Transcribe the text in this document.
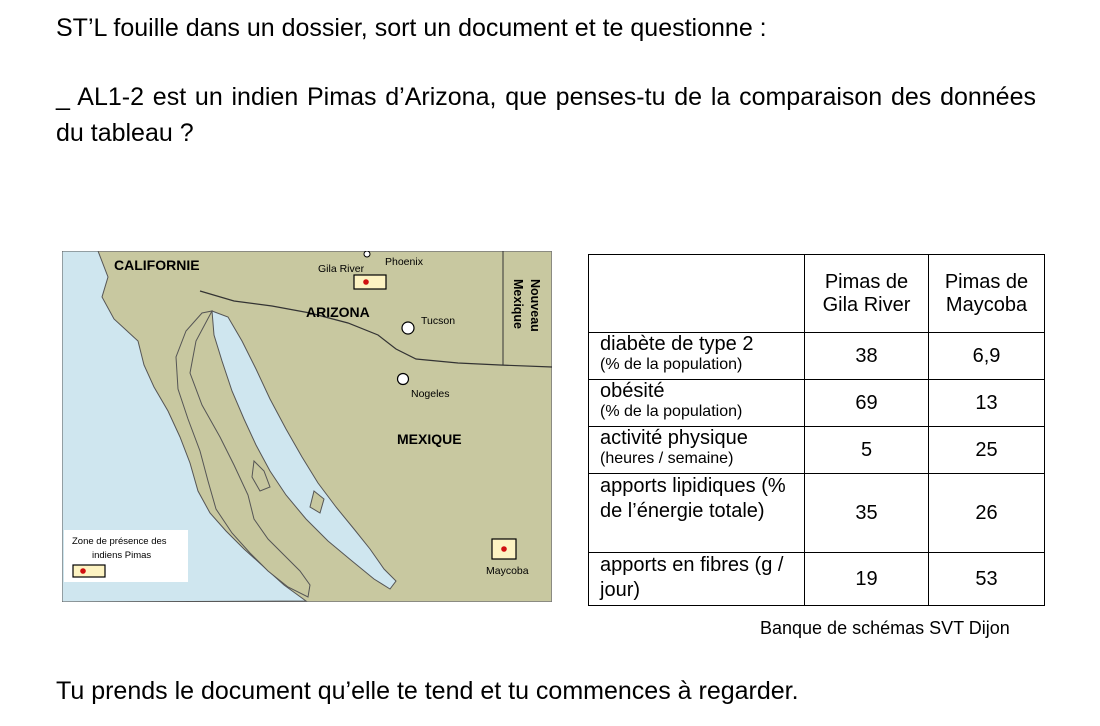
ST’L fouille dans un dossier, sort un document et te questionne :

_ AL1-2 est un indien Pimas d’Arizona, que penses-tu de la comparaison des données du tableau ?

CALIFORNIE	Gila River
Phoenix
ARIZONA
Tucson	Nouveau
Mexique
Nogeles
MEXIQUE
Zone de présence des
indiens Pimas
Maycoba

	Pimas de Gila River	Pimas de Maycoba

diabète de type 2
(% de la population)	38	6,9

obésité
(% de la population)	69	13

activité physique
(heures / semaine)	5	25

apports lipidiques (% de l’énergie totale)	35	26

apports en fibres (g / jour)	19	53
Banque de schémas SVT Dijon

Tu prends le document qu’elle te tend et tu commences à regarder.
